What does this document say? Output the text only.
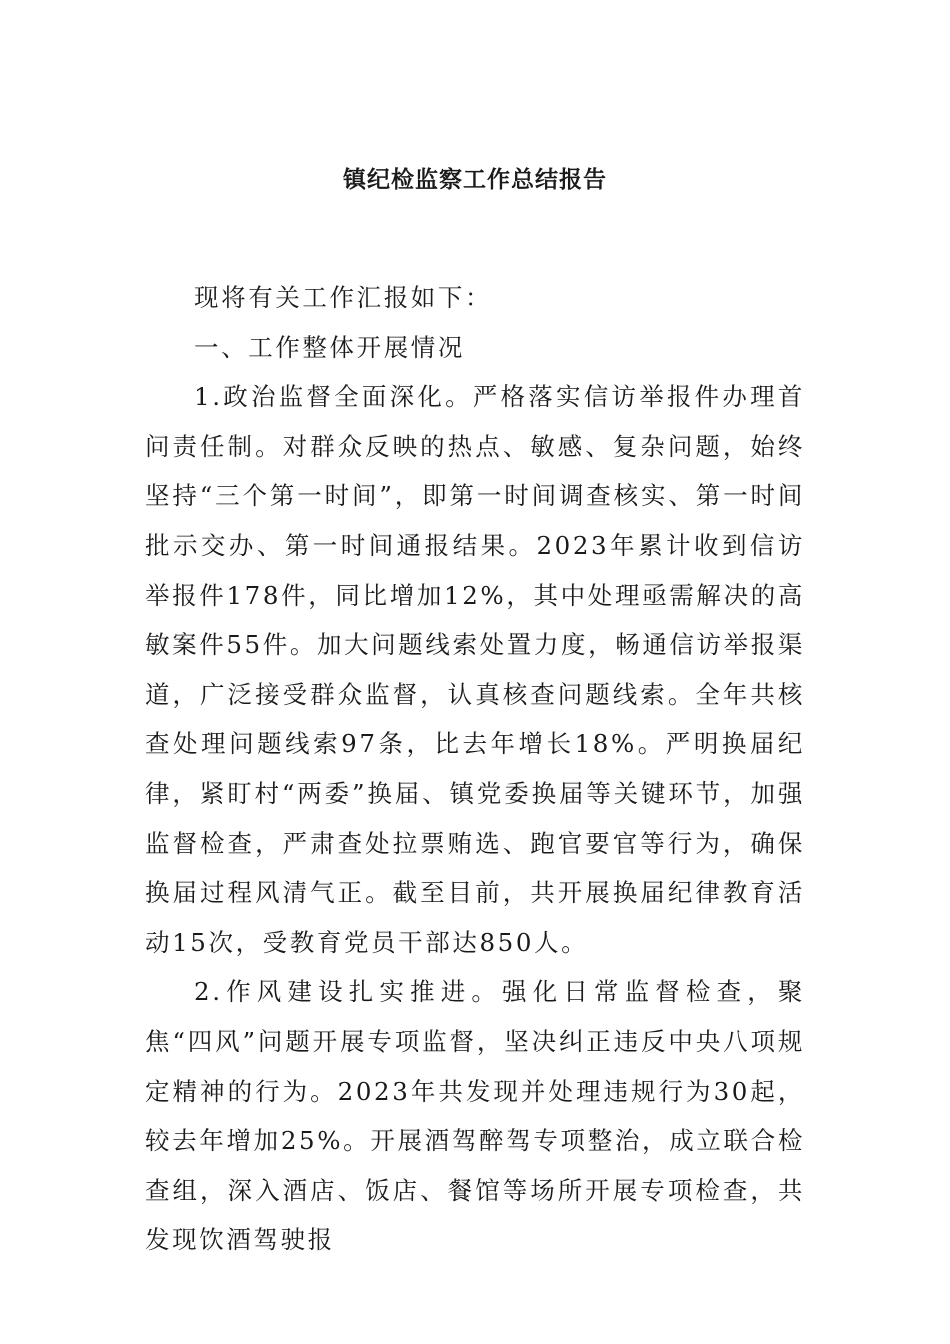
镇纪检监察工作总结报告

现将有关工作汇报如下：

一、工作整体开展情况

1.政治监督全面深化。严格落实信访举报件办理首问责任制。对群众反映的热点、敏感、复杂问题，始终坚持“三个第一时间”，即第一时间调查核实、第一时间批示交办、第一时间通报结果。2023年累计收到信访举报件178件，同比增加12%，其中处理亟需解决的高敏案件55件。加大问题线索处置力度，畅通信访举报渠道，广泛接受群众监督，认真核查问题线索。全年共核查处理问题线索97条，比去年增长18%。严明换届纪律，紧盯村“两委”换届、镇党委换届等关键环节，加强监督检查，严肃查处拉票贿选、跑官要官等行为，确保换届过程风清气正。截至目前，共开展换届纪律教育活动15次，受教育党员干部达850人。

2.作风建设扎实推进。强化日常监督检查，聚焦“四风”问题开展专项监督，坚决纠正违反中央八项规定精神的行为。2023年共发现并处理违规行为30起，较去年增加25%。开展酒驾醉驾专项整治，成立联合检查组，深入酒店、饭店、餐馆等场所开展专项检查，共发现饮酒驾驶报
